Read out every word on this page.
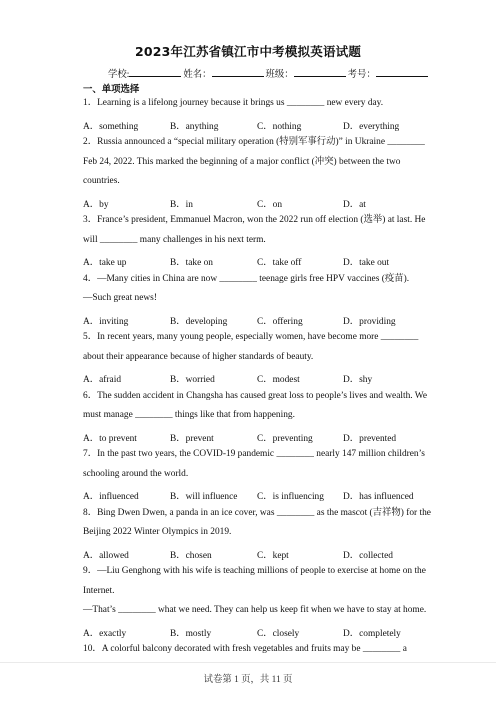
2023年江苏省镇江市中考模拟英语试题
学校:	姓名：	班级：	考号：
一、单项选择
1．Learning is a lifelong journey because it brings us ________ new every day.
A．something	B．anything	C．nothing	D．everything
2．Russia announced a “special military operation (特别军事行动)” in Ukraine ________
Feb 24, 2022. This marked the beginning of a major conflict (冲突) between the two
countries.
A．by	B．in	C．on	D．at
3．France’s president, Emmanuel Macron, won the 2022 run off election (选举) at last. He
will ________ many challenges in his next term.
A．take up	B．take on	C．take off	D．take out
4．—Many cities in China are now ________ teenage girls free HPV vaccines (疫苗).
—Such great news!
A．inviting	B．developing	C．offering	D．providing
5．In recent years, many young people, especially women, have become more ________
about their appearance because of higher standards of beauty.
A．afraid	B．worried	C．modest	D．shy
6．The sudden accident in Changsha has caused great loss to people’s lives and wealth. We
must manage ________ things like that from happening.
A．to prevent	B．prevent	C．preventing	D．prevented
7．In the past two years, the COVID-19 pandemic ________ nearly 147 million children’s
schooling around the world.
A．influenced	B．will influence C．is influencing D．has influenced
8．Bing Dwen Dwen, a panda in an ice cover, was ________ as the mascot (吉祥物) for the
Beijing 2022 Winter Olympics in 2019.
A．allowed	B．chosen	C．kept	D．collected
9．—Liu Genghong with his wife is teaching millions of people to exercise at home on the
Internet.
—That’s ________ what we need. They can help us keep fit when we have to stay at home.
A．exactly	B．mostly	C．closely	D．completely
10．A colorful balcony decorated with fresh vegetables and fruits may be ________ a
试卷第 1 页，共 11 页
